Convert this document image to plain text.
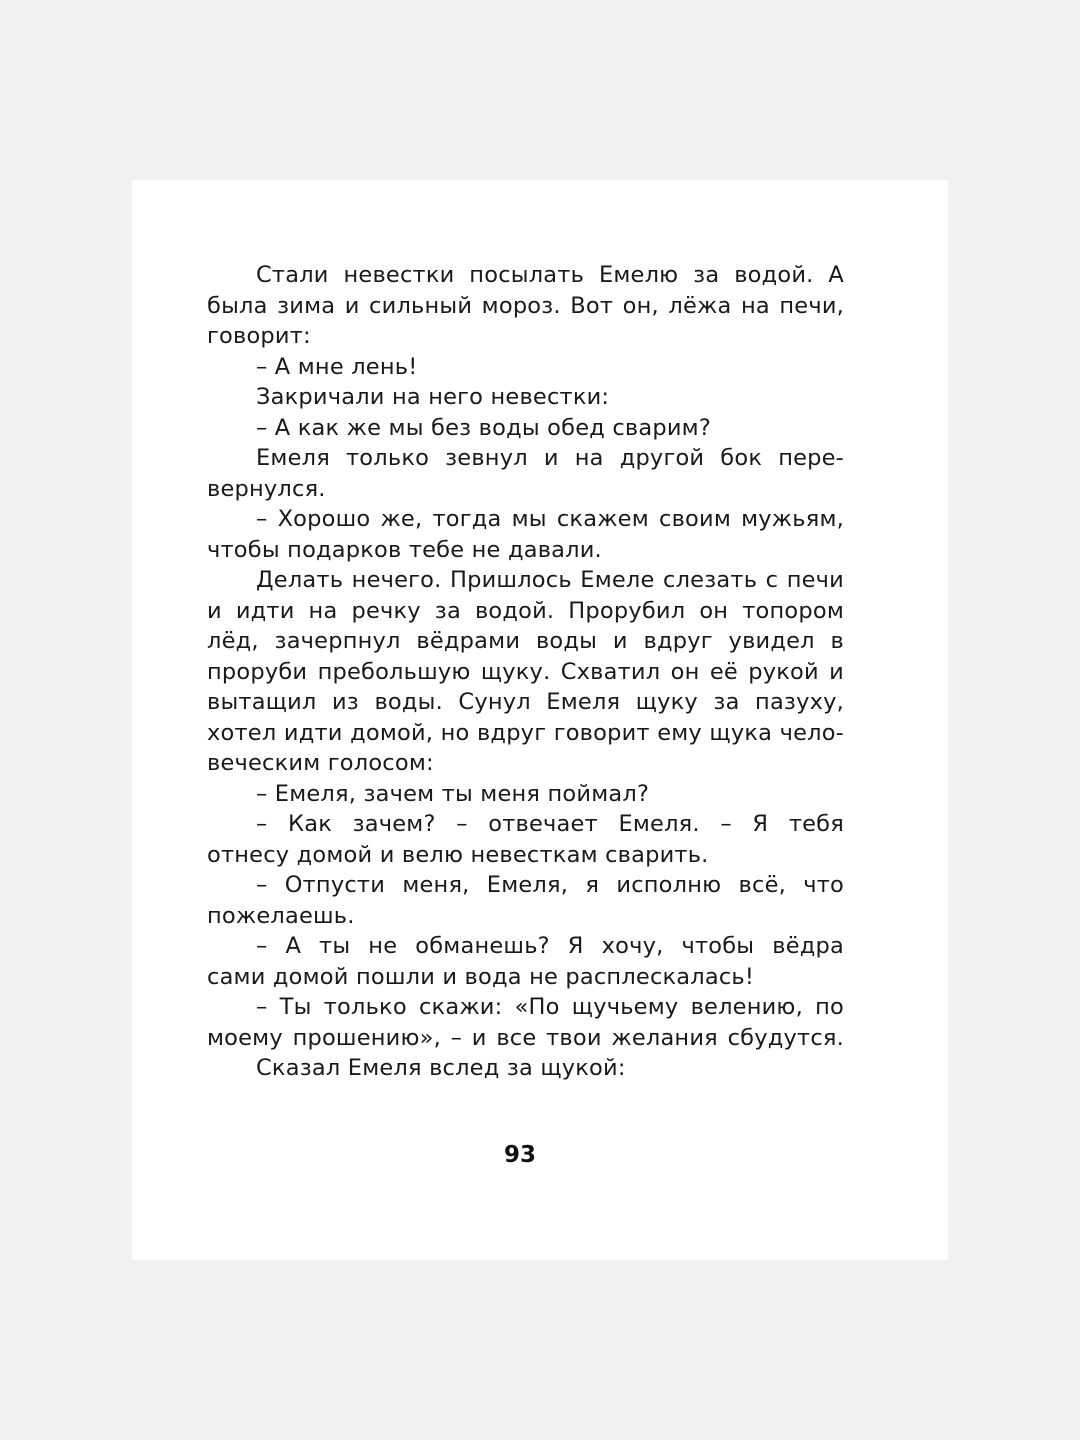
Стали невестки посылать Емелю за водой. А
была зима и сильный мороз. Вот он, лёжа на печи,
говорит:
– А мне лень!
Закричали на него невестки:
– А как же мы без воды обед сварим?
Емеля только зевнул и на другой бок пере-
вернулся.
– Хорошо же, тогда мы скажем своим мужьям,
чтобы подарков тебе не давали.
Делать нечего. Пришлось Емеле слезать с печи
и идти на речку за водой. Прорубил он топором
лёд, зачерпнул вёдрами воды и вдруг увидел в
проруби пребольшую щуку. Схватил он её рукой и
вытащил из воды. Сунул Емеля щуку за пазуху,
хотел идти домой, но вдруг говорит ему щука чело-
веческим голосом:
– Емеля, зачем ты меня поймал?
– Как зачем? – отвечает Емеля. – Я тебя
отнесу домой и велю невесткам сварить.
– Отпусти меня, Емеля, я исполню всё, что
пожелаешь.
– А ты не обманешь? Я хочу, чтобы вёдра
сами домой пошли и вода не расплескалась!
– Ты только скажи: «По щучьему велению, по
моему прошению», – и все твои желания сбудутся.
Сказал Емеля вслед за щукой:
93
